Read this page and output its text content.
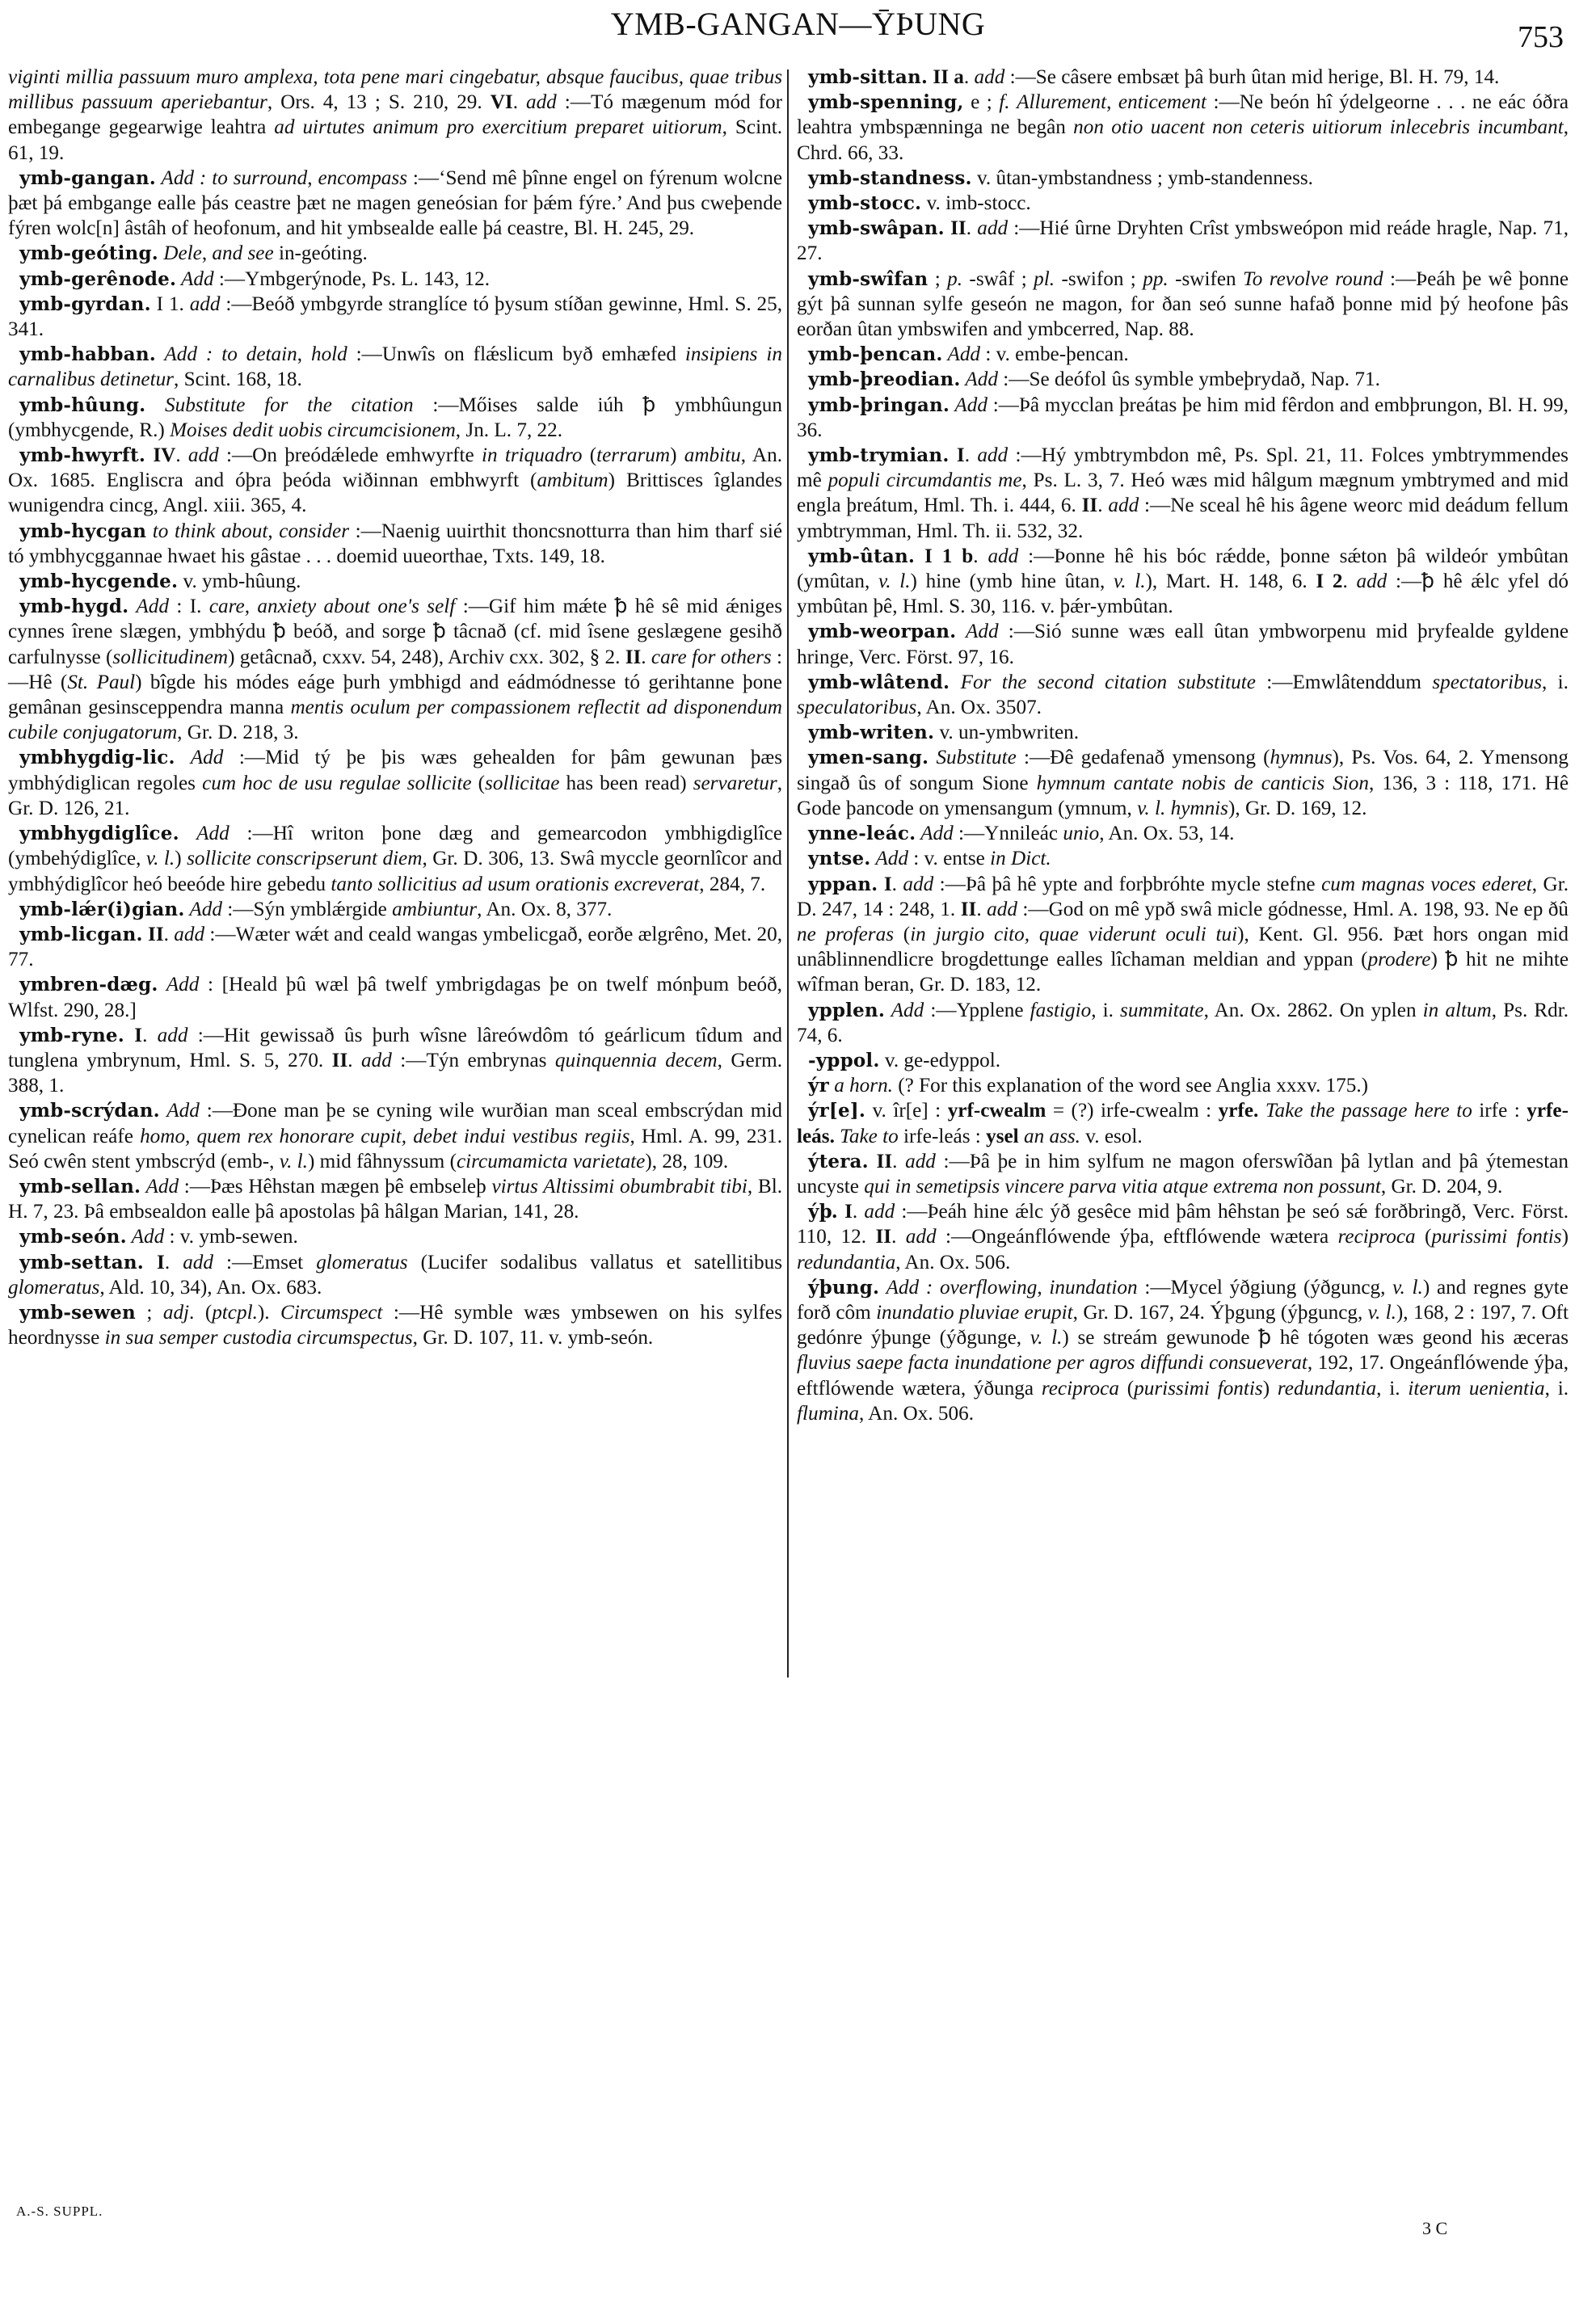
YMB-GANGAN—ȲÞUNG	753

viginti millia passuum muro amplexa, tota pene mari cingebatur, absque faucibus, quae tribus millibus passuum aperiebantur, Ors. 4, 13 ; S. 210, 29. VI. add :—Tó mægenum mód for embegange gegearwige leahtra ad uirtutes animum pro exercitium preparet uitiorum, Scint. 61, 19.

ymb-gangan. Add : to surround, encompass :—‘Send mê þînne engel on fýrenum wolcne þæt þá embgange ealle þás ceastre þæt ne magen geneósian for þǽm fýre.’ And þus cweþende fýren wolc[n] âstâh of heofonum, and hit ymbsealde ealle þá ceastre, Bl. H. 245, 29.

ymb-geóting. Dele, and see in-geóting.

ymb-gerênode. Add :—Ymbgerýnode, Ps. L. 143, 12.

ymb-gyrdan. I 1. add :—Beóð ymbgyrde stranglíce tó þysum stíðan gewinne, Hml. S. 25, 341.

ymb-habban. Add : to detain, hold :—Unwîs on flǽslicum byð emhæfed insipiens in carnalibus detinetur, Scint. 168, 18.

ymb-hûung. Substitute for the citation :—Mőises salde iúh ꝥ ymbhûungun (ymbhycgende, R.) Moises dedit uobis circumcisionem, Jn. L. 7, 22.

ymb-hwyrft. IV. add :—On þreódǽlede emhwyrfte in triquadro (terrarum) ambitu, An. Ox. 1685. Engliscra and óþra þeóda wiðinnan embhwyrft (ambitum) Brittisces îglandes wunigendra cincg, Angl. xiii. 365, 4.

ymb-hycgan to think about, consider :—Naenig uuirthit thoncsnotturra than him tharf sié tó ymbhycggannae hwaet his gâstae . . . doemid uueorthae, Txts. 149, 18.

ymb-hycgende. v. ymb-hûung.

ymb-hygd. Add : I. care, anxiety about one's self :—Gif him mǽte ꝥ hê sê mid ǽniges cynnes îrene slægen, ymbhýdu ꝥ beóð, and sorge ꝥ tâcnað (cf. mid îsene geslægene gesihð carfulnysse (sollicitudinem) getâcnað, cxxv. 54, 248), Archiv cxx. 302, § 2. II. care for others :—Hê (St. Paul) bîgde his módes eáge þurh ymbhigd and eádmódnesse tó gerihtanne þone gemânan gesinsceppendra manna mentis oculum per compassionem reflectit ad disponendum cubile conjugatorum, Gr. D. 218, 3.

ymbhygdig-lic. Add :—Mid tý þe þis wæs gehealden for þâm gewunan þæs ymbhýdiglican regoles cum hoc de usu regulae sollicite (sollicitae has been read) servaretur, Gr. D. 126, 21.

ymbhygdiglîce. Add :—Hî writon þone dæg and gemearcodon ymbhigdiglîce (ymbehýdiglîce, v. l.) sollicite conscripserunt diem, Gr. D. 306, 13. Swâ myccle geornlîcor and ymbhýdiglîcor heó beeóde hire gebedu tanto sollicitius ad usum orationis excreverat, 284, 7.

ymb-lǽr(i)gian. Add :—Sýn ymblǽrgide ambiuntur, An. Ox. 8, 377.

ymb-licgan. II. add :—Wæter wǽt and ceald wangas ymbelicgað, eorðe ælgrêno, Met. 20, 77.

ymbren-dæg. Add : [Heald þû wæl þâ twelf ymbrigdagas þe on twelf mónþum beóð, Wlfst. 290, 28.]

ymb-ryne. I. add :—Hit gewissað ûs þurh wîsne lâreówdôm tó geárlicum tîdum and tunglena ymbrynum, Hml. S. 5, 270. II. add :—Týn embrynas quinquennia decem, Germ. 388, 1.

ymb-scrýdan. Add :—Ðone man þe se cyning wile wurðian man sceal embscrýdan mid cynelican reáfe homo, quem rex honorare cupit, debet indui vestibus regiis, Hml. A. 99, 231. Seó cwên stent ymbscrýd (emb-, v. l.) mid fâhnyssum (circumamicta varietate), 28, 109.

ymb-sellan. Add :—Þæs Hêhstan mægen þê embseleþ virtus Altissimi obumbrabit tibi, Bl. H. 7, 23. Þâ embsealdon ealle þâ apostolas þâ hâlgan Marian, 141, 28.

ymb-seón. Add : v. ymb-sewen.

ymb-settan. I. add :—Emset glomeratus (Lucifer sodalibus vallatus et satellitibus glomeratus, Ald. 10, 34), An. Ox. 683.

ymb-sewen ; adj. (ptcpl.). Circumspect :—Hê symble wæs ymbsewen on his sylfes heordnysse in sua semper custodia circumspectus, Gr. D. 107, 11. v. ymb-seón.

ymb-sittan. II a. add :—Se câsere embsæt þâ burh ûtan mid herige, Bl. H. 79, 14.

ymb-spenning, e ; f. Allurement, enticement :—Ne beón hî ýdelgeorne . . . ne eác óðra leahtra ymbspænninga ne begân non otio uacent non ceteris uitiorum inlecebris incumbant, Chrd. 66, 33.

ymb-standness. v. ûtan-ymbstandness ; ymb-standenness.

ymb-stocc. v. imb-stocc.

ymb-swâpan. II. add :—Hié ûrne Dryhten Crîst ymbsweópon mid reáde hragle, Nap. 71, 27.

ymb-swîfan ; p. -swâf ; pl. -swifon ; pp. -swifen To revolve round :—Þeáh þe wê þonne gýt þâ sunnan sylfe geseón ne magon, for ðan seó sunne hafað þonne mid þý heofone þâs eorðan ûtan ymbswifen and ymbcerred, Nap. 88.

ymb-þencan. Add : v. embe-þencan.

ymb-þreodian. Add :—Se deófol ûs symble ymbeþrydað, Nap. 71.

ymb-þringan. Add :—Þâ mycclan þreátas þe him mid fêrdon and embþrungon, Bl. H. 99, 36.

ymb-trymian. I. add :—Hý ymbtrymbdon mê, Ps. Spl. 21, 11. Folces ymbtrymmendes mê populi circumdantis me, Ps. L. 3, 7. Heó wæs mid hâlgum mægnum ymbtrymed and mid engla þreátum, Hml. Th. i. 444, 6. II. add :—Ne sceal hê his âgene weorc mid deádum fellum ymbtrymman, Hml. Th. ii. 532, 32.

ymb-ûtan. I 1 b. add :—Þonne hê his bóc rǽdde, þonne sǽton þâ wildeór ymbûtan (ymûtan, v. l.) hine (ymb hine ûtan, v. l.), Mart. H. 148, 6. I 2. add :—ꝥ hê ǽlc yfel dó ymbûtan þê, Hml. S. 30, 116. v. þǽr-ymbûtan.

ymb-weorpan. Add :—Sió sunne wæs eall ûtan ymbworpenu mid þryfealde gyldene hringe, Verc. Först. 97, 16.

ymb-wlâtend. For the second citation substitute :—Emwlâtenddum spectatoribus, i. speculatoribus, An. Ox. 3507.

ymb-writen. v. un-ymbwriten.

ymen-sang. Substitute :—Ðê gedafenað ymensong (hymnus), Ps. Vos. 64, 2. Ymensong singað ûs of songum Sione hymnum cantate nobis de canticis Sion, 136, 3 : 118, 171. Hê Gode þancode on ymensangum (ymnum, v. l. hymnis), Gr. D. 169, 12.

ynne-leác. Add :—Ynnileác unio, An. Ox. 53, 14.

yntse. Add : v. entse in Dict.

yppan. I. add :—Þâ þâ hê ypte and forþbróhte mycle stefne cum magnas voces ederet, Gr. D. 247, 14 : 248, 1. II. add :—God on mê ypð swâ micle gódnesse, Hml. A. 198, 93. Ne ep ðû ne proferas (in jurgio cito, quae viderunt oculi tui), Kent. Gl. 956. Þæt hors ongan mid unâblinnendlicre brogdettunge ealles lîchaman meldian and yppan (prodere) ꝥ hit ne mihte wîfman beran, Gr. D. 183, 12.

ypplen. Add :—Ypplene fastigio, i. summitate, An. Ox. 2862. On yplen in altum, Ps. Rdr. 74, 6.

-yppol. v. ge-edyppol.

ýr a horn. (? For this explanation of the word see Anglia xxxv. 175.)

ýr[e]. v. îr[e] : yrf-cwealm = (?) irfe-cwealm : yrfe. Take the passage here to irfe : yrfe-leás. Take to irfe-leás : ysel an ass. v. esol.

ýtera. II. add :—Þâ þe in him sylfum ne magon oferswîðan þâ lytlan and þâ ýtemestan uncyste qui in semetipsis vincere parva vitia atque extrema non possunt, Gr. D. 204, 9.

ýþ. I. add :—Þeáh hine ǽlc ýð gesêce mid þâm hêhstan þe seó sǽ forðbringð, Verc. Först. 110, 12. II. add :—Ongeánflówende ýþa, eftflówende wætera reciproca (purissimi fontis) redundantia, An. Ox. 506.

ýþung. Add : overflowing, inundation :—Mycel ýðgiung (ýðguncg, v. l.) and regnes gyte forð côm inundatio pluviae erupit, Gr. D. 167, 24. Ýþgung (ýþguncg, v. l.), 168, 2 : 197, 7. Oft gedónre ýþunge (ýðgunge, v. l.) se streám gewunode ꝥ hê tógoten wæs geond his æceras fluvius saepe facta inundatione per agros diffundi consueverat, 192, 17. Ongeánflówende ýþa, eftflówende wætera, ýðunga reciproca (purissimi fontis) redundantia, i. iterum uenientia, i. flumina, An. Ox. 506.

A.-S. SUPPL.
3 C
